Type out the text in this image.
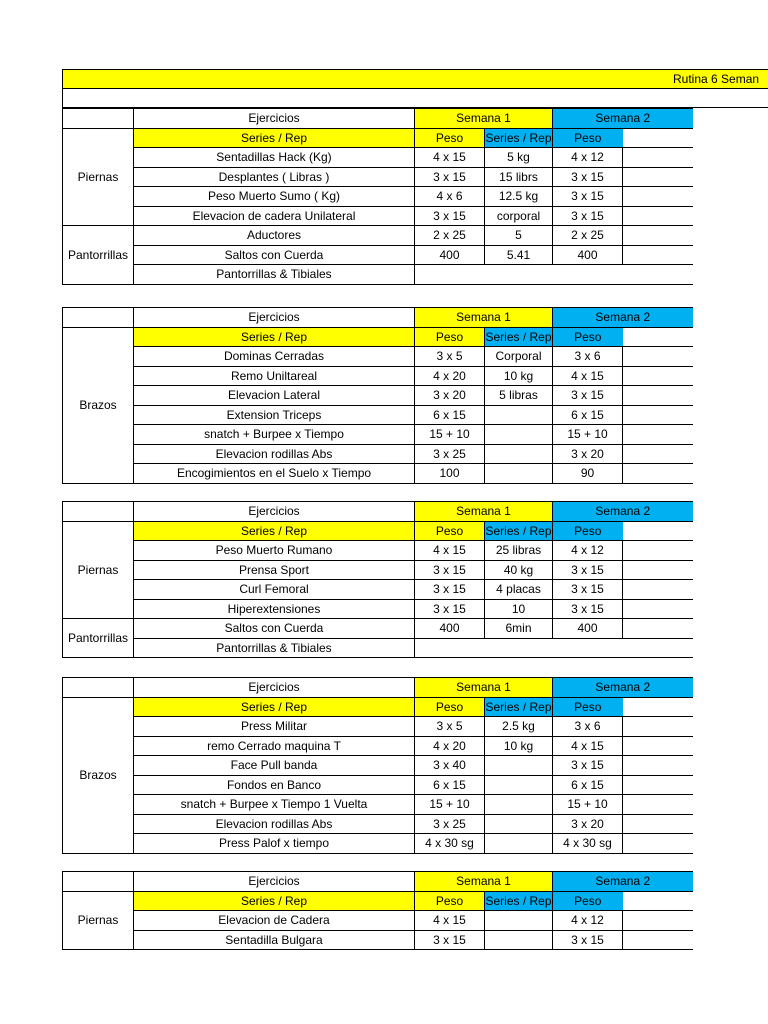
Rutina 6 Seman
	Ejercicios	Semana 1		Semana 2	
Piernas	Series / Rep	Peso	Series / Rep	Peso	
	Sentadillas Hack (Kg)	4 x 15	5 kg	4 x 12	
	Desplantes ( Libras )	3 x 15	15 librs	3 x 15	
	Peso Muerto Sumo ( Kg)	4 x 6	12.5 kg	3 x 15	
	Elevacion de cadera Unilateral	3 x 15	corporal	3 x 15	
Pantorrillas	Aductores	2 x 25	5	2 x 25	
	Saltos con Cuerda	400	5.41	400	
	Pantorrillas & Tibiales				
	Ejercicios	Semana 1		Semana 2	
Brazos	Series / Rep	Peso	Series / Rep	Peso	
	Dominas Cerradas	3 x 5	Corporal	3 x 6	
	Remo Uniltareal	4 x 20	10 kg	4 x 15	
	Elevacion Lateral	3 x 20	5 libras	3 x 15	
	Extension Triceps	6 x 15		6 x 15	
	snatch + Burpee x Tiempo	15 + 10		15 + 10	
	Elevacion rodillas Abs	3 x 25		3 x 20	
	Encogimientos en el Suelo x Tiempo	100		90	
	Ejercicios	Semana 1		Semana 2	
Piernas	Series / Rep	Peso	Series / Rep	Peso	
	Peso Muerto Rumano	4 x 15	25 libras	4 x 12	
	Prensa Sport	3 x 15	40 kg	3 x 15	
	Curl Femoral	3 x 15	4 placas	3 x 15	
	Hiperextensiones	3 x 15	10	3 x 15	
Pantorrillas	Saltos con Cuerda	400	6min	400	
	Pantorrillas & Tibiales				
	Ejercicios	Semana 1		Semana 2	
Brazos	Series / Rep	Peso	Series / Rep	Peso	
	Press Militar	3 x 5	2.5 kg	3 x 6	
	remo Cerrado maquina T	4 x 20	10 kg	4 x 15	
	Face Pull banda	3 x 40		3 x 15	
	Fondos en Banco	6 x 15		6 x 15	
	snatch + Burpee x Tiempo 1 Vuelta	15 + 10		15 + 10	
	Elevacion rodillas Abs	3 x 25		3 x 20	
	Press Palof x tiempo	4 x 30 sg		4 x 30 sg	
	Ejercicios	Semana 1		Semana 2	
Piernas	Series / Rep	Peso	Series / Rep	Peso	
	Elevacion de Cadera	4 x 15		4 x 12	
	Sentadilla Bulgara	3 x 15		3 x 15	
